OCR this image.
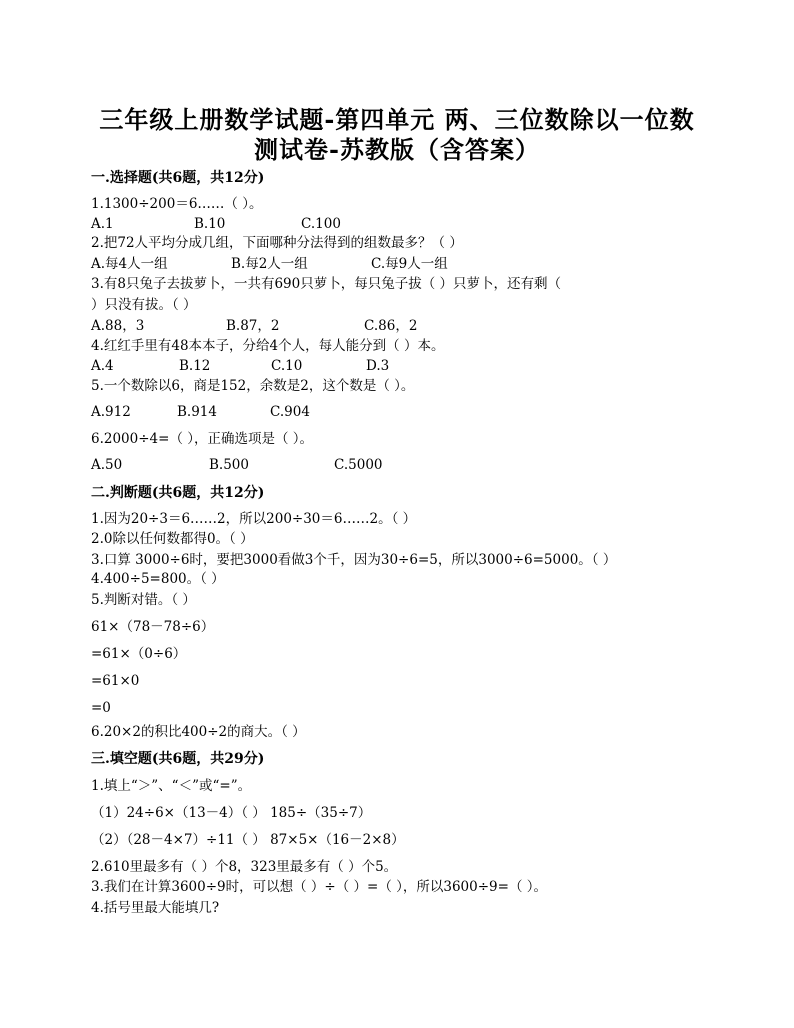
三年级上册数学试题-第四单元 两、三位数除以一位数
测试卷-苏教版（含答案）
一.选择题(共6题，共12分)
1.1300÷200＝6……（ ）。
A.1	B.10	C.100
2.把72人平均分成几组，下面哪种分法得到的组数最多？（ ）
A.每4人一组	B.每2人一组	C.每9人一组
3.有8只兔子去拔萝卜，一共有690只萝卜，每只兔子拔（ ）只萝卜，还有剩（
）只没有拔。（ ）
A.88，3	B.87，2	C.86，2
4.红红手里有48本本子，分给4个人，每人能分到（ ）本。
A.4	B.12	C.10	D.3
5.一个数除以6，商是152，余数是2，这个数是（ ）。
A.912	B.914	C.904
6.2000÷4=（ ），正确选项是（ ）。
A.50	B.500	C.5000
二.判断题(共6题，共12分)
1.因为20÷3＝6……2，所以200÷30＝6……2。（ ）
2.0除以任何数都得0。（ ）
3.口算 3000÷6时，要把3000看做3个千，因为30÷6=5，所以3000÷6=5000。（ ）
4.400÷5=800。（ ）
5.判断对错。（ ）
61×（78－78÷6）
=61×（0÷6）
=61×0
=0
6.20×2的积比400÷2的商大。（ ）
三.填空题(共6题，共29分)
1.填上“＞”、“＜”或“=”。
（1）24÷6×（13－4）（ ） 185÷（35÷7）
（2）（28－4×7）÷11（ ） 87×5×（16－2×8）
2.610里最多有（ ）个8，323里最多有（ ）个5。
3.我们在计算3600÷9时，可以想（ ）÷（ ）=（ ），所以3600÷9=（ ）。
4.括号里最大能填几?
